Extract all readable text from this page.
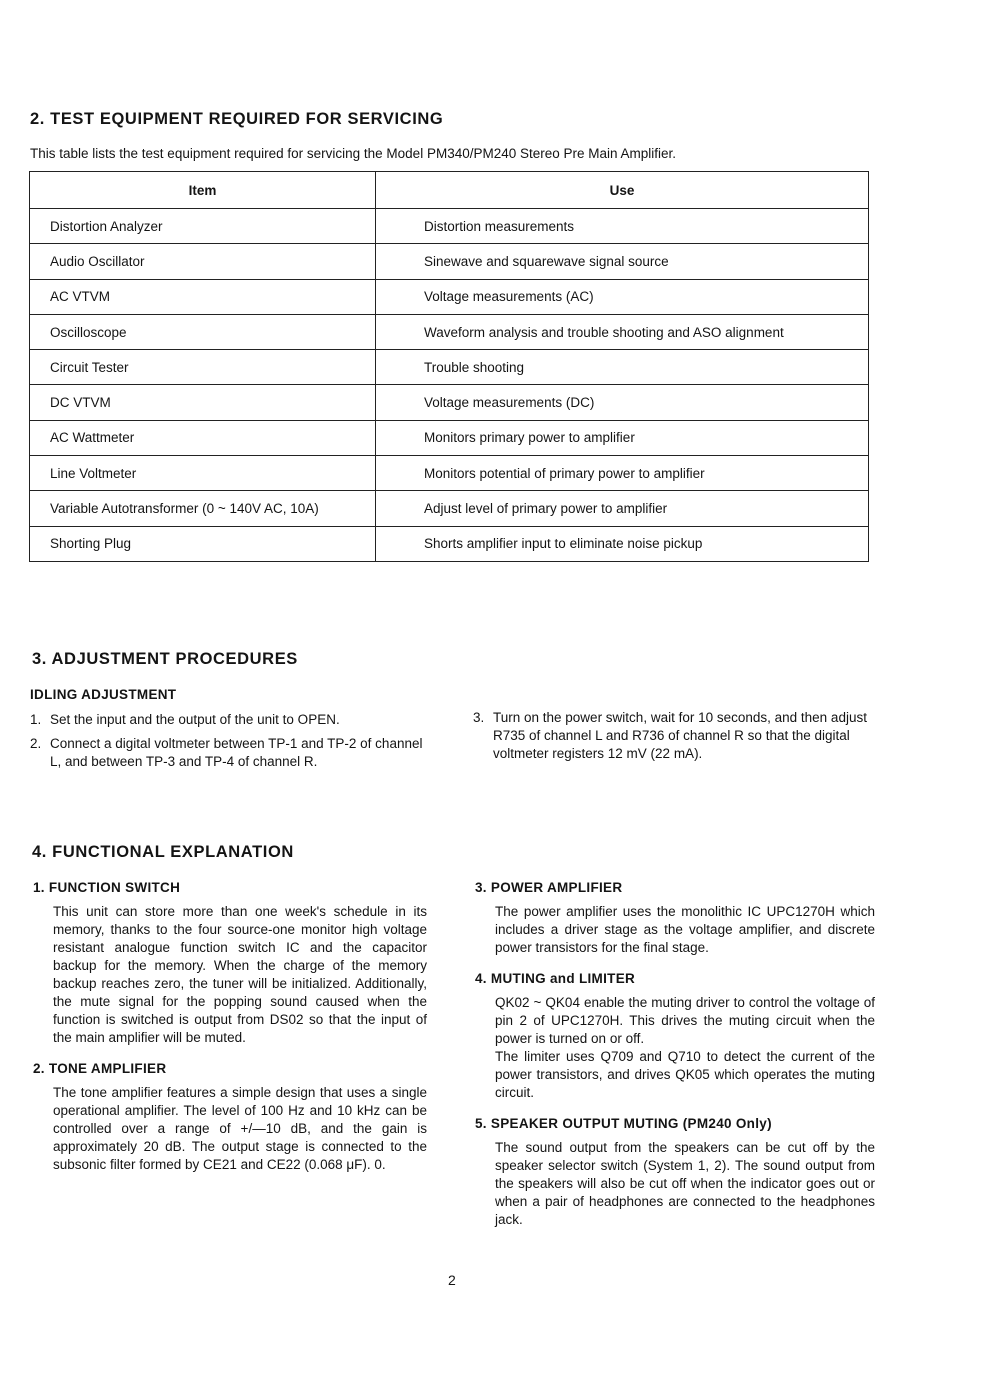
2. TEST EQUIPMENT REQUIRED FOR SERVICING
This table lists the test equipment required for servicing the Model PM340/PM240 Stereo Pre Main Amplifier.
Item	Use
Distortion Analyzer	Distortion measurements
Audio Oscillator	Sinewave and squarewave signal source
AC VTVM	Voltage measurements (AC)
Oscilloscope	Waveform analysis and trouble shooting and ASO alignment
Circuit Tester	Trouble shooting
DC VTVM	Voltage measurements (DC)
AC Wattmeter	Monitors primary power to amplifier
Line Voltmeter	Monitors potential of primary power to amplifier
Variable Autotransformer (0 ~ 140V AC, 10A)	Adjust level of primary power to amplifier
Shorting Plug	Shorts amplifier input to eliminate noise pickup
3. ADJUSTMENT PROCEDURES
IDLING ADJUSTMENT
1. Set the input and the output of the unit to OPEN.
2. Connect a digital voltmeter between TP-1 and TP-2 of channel L, and between TP-3 and TP-4 of channel R.
3. Turn on the power switch, wait for 10 seconds, and then adjust R735 of channel L and R736 of channel R so that the digital voltmeter registers 12 mV (22 mA).
4. FUNCTIONAL EXPLANATION
1. FUNCTION SWITCH

This unit can store more than one week's schedule in its memory, thanks to the four source-one monitor high voltage resistant analogue function switch IC and the capacitor backup for the memory. When the charge of the memory backup reaches zero, the tuner will be initialized. Additionally, the mute signal for the popping sound caused when the function is switched is output from DS02 so that the input of the main amplifier will be muted.

2. TONE AMPLIFIER

The tone amplifier features a simple design that uses a single operational amplifier. The level of 100 Hz and 10 kHz can be controlled over a range of +/—10 dB, and the gain is approximately 20 dB. The output stage is connected to the subsonic filter formed by CE21 and CE22 (0.068 μF). 0.

3. POWER AMPLIFIER

The power amplifier uses the monolithic IC UPC1270H which includes a driver stage as the voltage amplifier, and discrete power transistors for the final stage.

4. MUTING and LIMITER

QK02 ~ QK04 enable the muting driver to control the voltage of pin 2 of UPC1270H. This drives the muting circuit when the power is turned on or off.

The limiter uses Q709 and Q710 to detect the current of the power transistors, and drives QK05 which operates the muting circuit.

5. SPEAKER OUTPUT MUTING (PM240 Only)

The sound output from the speakers can be cut off by the speaker selector switch (System 1, 2). The sound output from the speakers will also be cut off when the indicator goes out or when a pair of headphones are connected to the headphones jack.

2
